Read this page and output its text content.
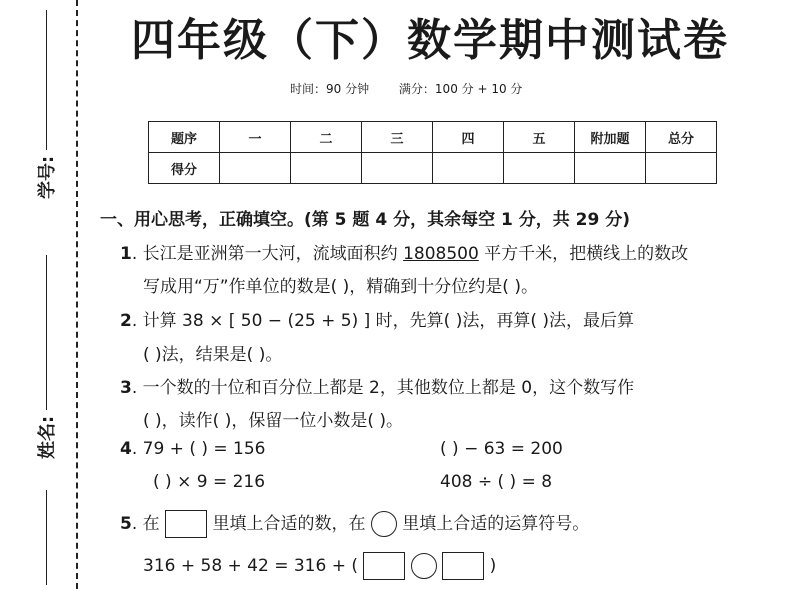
学号:
姓名:
四年级（下）数学期中测试卷
时间：90 分钟 满分：100 分 + 10 分
题序	一	二	三	四	五	附加题	总分
得分							
一、用心思考，正确填空。(第 5 题 4 分，其余每空 1 分，共 29 分)
1. 长江是亚洲第一大河，流域面积约 1808500 平方千米，把横线上的数改
写成用“万”作单位的数是( )，精确到十分位约是( )。
2. 计算 38 × [ 50 − (25 + 5) ] 时，先算( )法，再算( )法，最后算
( )法，结果是( )。
3. 一个数的十位和百分位上都是 2，其他数位上都是 0，这个数写作
( )，读作( )，保留一位小数是( )。
4. 79 + ( ) = 156	( ) − 63 = 200
( ) × 9 = 216	408 ÷ ( ) = 8
5. 在	里填上合适的数，在 里填上合适的运算符号。
316 + 58 + 42 = 316 + (	)
